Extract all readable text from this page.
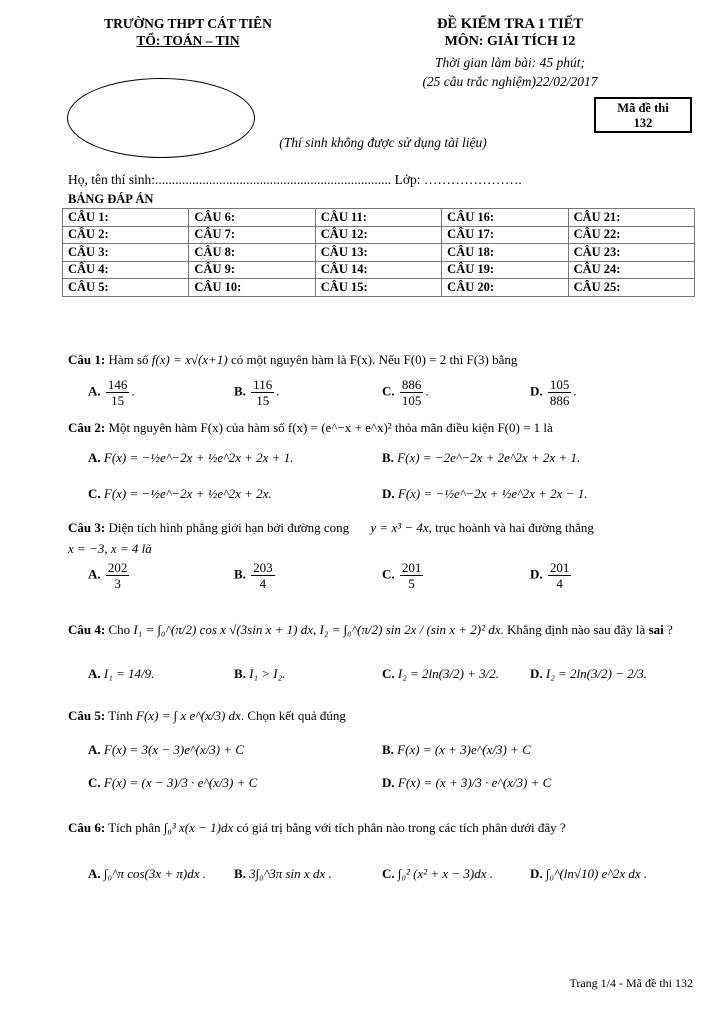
TRƯỜNG THPT CÁT TIÊN
TỔ: TOÁN – TIN
ĐỀ KIỂM TRA 1 TIẾT
MÔN: GIẢI TÍCH 12
Thời gian làm bài: 45 phút;
(25 câu trắc nghiệm)22/02/2017
Mã đề thi
132
(Thí sinh không được sử dụng tài liệu)
Họ, tên thí sinh:...................................................................... Lớp: ………………….
BẢNG ĐÁP ÁN
CÂU 1:	CÂU 6:	CÂU 11:	CÂU 16:	CÂU 21:
CÂU 2:	CÂU 7:	CÂU 12:	CÂU 17:	CÂU 22:
CÂU 3:	CÂU 8:	CÂU 13:	CÂU 18:	CÂU 23:
CÂU 4:	CÂU 9:	CÂU 14:	CÂU 19:	CÂU 24:
CÂU 5:	CÂU 10:	CÂU 15:	CÂU 20:	CÂU 25:
Câu 1: Hàm số f(x) = x√(x+1) có một nguyên hàm là F(x). Nếu F(0) = 2 thì F(3) bằng
A. $\frac{146}{15}$ .	B. $\frac{116}{15}$ .	C. $\frac{886}{105}$ .	D. $\frac{105}{886}$ .
Câu 2: Một nguyên hàm F(x) của hàm số f(x) = (e^−x + e^x)² thỏa mãn điều kiện F(0) = 1 là
A. F(x) = −½e^−2x + ½e^2x + 2x + 1.	B. F(x) = −2e^−2x + 2e^2x + 2x + 1.
C. F(x) = −½e^−2x + ½e^2x + 2x.	D. F(x) = −½e^−2x + ½e^2x + 2x − 1.
Câu 3: Diện tích hình phẳng giới hạn bởi đường cong y = x³ − 4x, trục hoành và hai đường thẳng
x = −3, x = 4 là
A. $\frac{202}{3}$	B. $\frac{203}{4}$	C. $\frac{201}{5}$	D. $\frac{201}{4}$
Câu 4: Cho I₁ = ∫₀^(π/2) cos x √(3sin x + 1) dx, I₂ = ∫₀^(π/2) sin 2x / (sin x + 2)² dx. Khẳng định nào sau đây là sai ?
A. I₁ = 14/9.	B. I₁ > I₂.	C. I₂ = 2ln(3/2) + 3/2. D. I₂ = 2ln(3/2) − 2/3.
Câu 5: Tính F(x) = ∫ x e^(x/3) dx. Chọn kết quả đúng
A. F(x) = 3(x − 3)e^(x/3) + C	B. F(x) = (x + 3)e^(x/3) + C
C. F(x) = (x − 3)/3 · e^(x/3) + C	D. F(x) = (x + 3)/3 · e^(x/3) + C
Câu 6: Tích phân ∫₀³ x(x − 1)dx có giá trị bằng với tích phân nào trong các tích phân dưới đây ?
A. ∫₀^π cos(3x + π)dx . B. 3∫₀^3π sin x dx .	C. ∫₀² (x² + x − 3)dx .	D. ∫₀^(ln√10) e^2x dx .
Trang 1/4 - Mã đề thi 132
